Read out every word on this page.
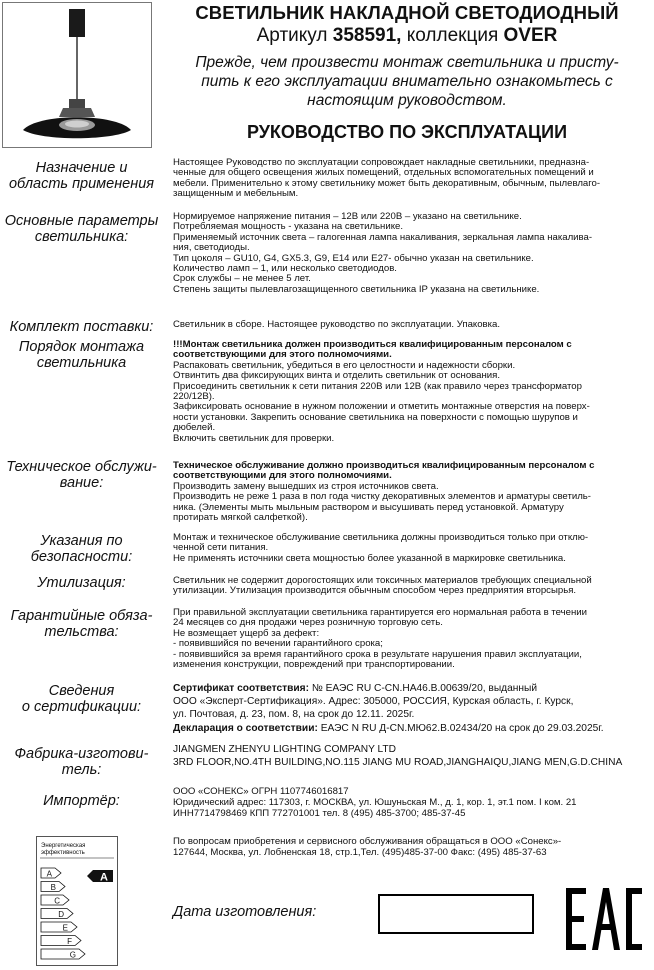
СВЕТИЛЬНИК НАКЛАДНОЙ СВЕТОДИОДНЫЙ
Артикул 358591, коллекция OVER
Прежде, чем произвести монтаж светильника и присту-
пить к его эксплуатации внимательно ознакомьтесь с
настоящим руководством.
РУКОВОДСТВО ПО ЭКСПЛУАТАЦИИ
Назначение и
область применения

Настоящее Руководство по эксплуатации сопровождает накладные светильники, предназна-

ченные для общего освещения жилых помещений, отдельных вспомогательных помещений и

мебели. Применительно к этому светильнику может быть декоративным, обычным, пылевлаго-

защищенным и мебельным.

Основные параметры
светильника:

Нормируемое напряжение питания – 12В или 220В – указано на светильнике.

Потребляемая мощность - указана на светильнике.

Применяемый источник света – галогенная лампа накаливания, зеркальная лампа накалива-

ния, светодиоды.

Тип цоколя – GU10, G4, GX5.3, G9, E14 или E27- обычно указан на светильнике.

Количество ламп – 1, или несколько светодиодов.

Срок службы – не менее 5 лет.

Степень защиты пылевлагозащищенного светильника IP указана на светильнике.

Комплект поставки:	Светильник в сборе. Настоящее руководство по эксплуатации. Упаковка.

Порядок монтажа
светильника

!!!Монтаж светильника должен производиться квалифицированным персоналом с

соответствующими для этого полномочиями.

Распаковать светильник, убедиться в его целостности и надежности сборки.

Отвинтить два фиксирующих винта и отделить светильник от основания.

Присоединить светильник к сети питания 220В или 12В (как правило через трансформатор

220/12В).

Зафиксировать основание в нужном положении и отметить монтажные отверстия на поверх-

ности установки. Закрепить основание светильника на поверхности с помощью шурупов и

дюбелей.

Включить светильник для проверки.

Техническое обслужи-
вание:

Техническое обслуживание должно производиться квалифицированным персоналом с

соответствующими для этого полномочиями.

Производить замену вышедших из строя источников света.

Производить не реже 1 раза в пол года чистку декоративных элементов и арматуры светиль-

ника. (Элементы мыть мыльным раствором и высушивать перед установкой. Арматуру

протирать мягкой салфеткой).

Указания по
безопасности:

Монтаж и техническое обслуживание светильника должны производиться только при отклю-

ченной сети питания.

Не применять источники света мощностью более указанной в маркировке светильника.

Утилизация:	Светильник не содержит дорогостоящих или токсичных материалов требующих специальной

утилизации. Утилизация производится обычным способом через предприятия вторсырья.

Гарантийные обяза-
тельства:

При правильной эксплуатации светильника гарантируется его нормальная работа в течении

24 месяцев со дня продажи через розничную торговую сеть.

Не возмещает ущерб за дефект:

- появившийся по вечении гарантийного срока;

- появившийся за время гарантийного срока в результате нарушения правил эксплуатации,

изменения конструкции, повреждений при транспортировании.

Сведения
о сертификации:

Сертификат соответствия: № ЕАЭС RU C-CN.HA46.B.00639/20, выданный

ООО «Эксперт-Сертификация». Адрес: 305000, РОССИЯ, Курская область, г. Курск,

ул. Почтовая, д. 23, пом. 8, на срок до 12.11. 2025г.

Декларация о соответствии: ЕАЭС N RU Д-CN.МЮ62.В.02434/20 на срок до 29.03.2025г.

Фабрика-изготови-
тель:

JIANGMEN ZHENYU LIGHTING COMPANY LTD

3RD FLOOR,NO.4TH BUILDING,NO.115 JIANG MU ROAD,JIANGHAIQU,JIANG MEN,G.D.CHINA

Импортёр:

ООО «СОНЕКС» ОГРН 1107746016817

Юридический адрес: 117303, г. МОСКВА, ул. Юшуньская М., д. 1, кор. 1, эт.1 пом. I ком. 21

ИНН7714798469 КПП 772701001 тел. 8 (495) 485-3700; 485-37-45

По вопросам приобретения и сервисного обслуживания обращаться в ООО «Сонекс»-

127644, Москва, ул. Лобненская 18, стр.1,Тел. (495)485-37-00 Факс: (495) 485-37-63

Энергетическая
эффективность
A
B
C
D
E
F
G
A
Дата изготовления:
